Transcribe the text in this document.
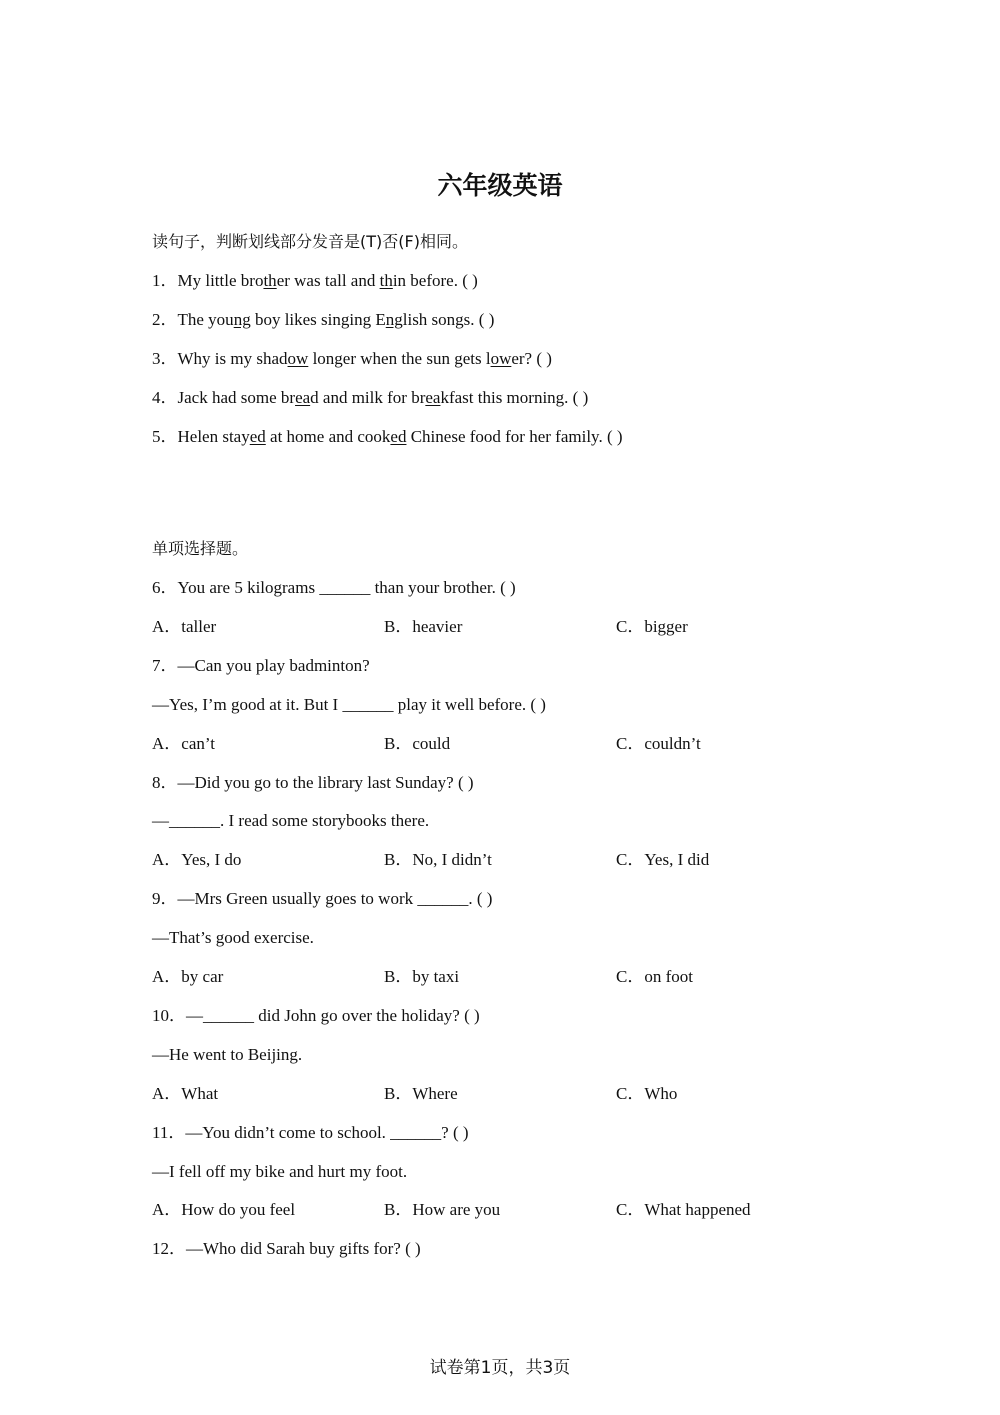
六年级英语
读句子，判断划线部分发音是(T)否(F)相同。
1．My little brother was tall and thin before. ( )
2．The young boy likes singing English songs. ( )
3．Why is my shadow longer when the sun gets lower? ( )
4．Jack had some bread and milk for breakfast this morning. ( )
5．Helen stayed at home and cooked Chinese food for her family. ( )
单项选择题。
6．You are 5 kilograms ______ than your brother. ( )
A．taller	B．heavier	C．bigger
7．—Can you play badminton?
—Yes, I’m good at it. But I ______ play it well before. ( )
A．can’t	B．could	C．couldn’t
8．—Did you go to the library last Sunday? ( )
—______. I read some storybooks there.
A．Yes, I do	B．No, I didn’t	C．Yes, I did
9．—Mrs Green usually goes to work ______. ( )
—That’s good exercise.
A．by car	B．by taxi	C．on foot
10．—______ did John go over the holiday? ( )
—He went to Beijing.
A．What	B．Where	C．Who
11．—You didn’t come to school. ______? ( )
—I fell off my bike and hurt my foot.
A．How do you feel	B．How are you	C．What happened
12．—Who did Sarah buy gifts for? ( )
试卷第1页，共3页
